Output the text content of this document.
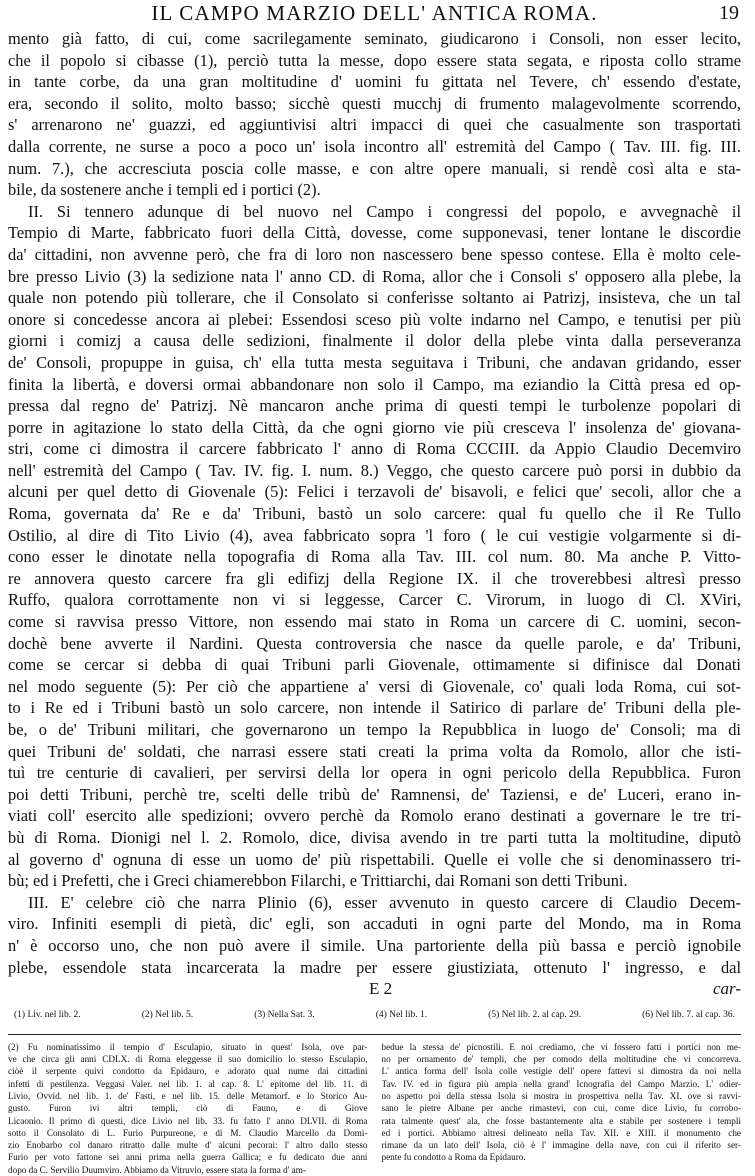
IL CAMPO MARZIO DELL' ANTICA ROMA.	19
mento già fatto, di cui, come sacrilegamente seminato, giudicarono i Consoli, non esser lecito,
che il popolo si cibasse (1), perciò tutta la messe, dopo essere stata segata, e riposta collo strame
in tante corbe, da una gran moltitudine d' uomini fu gittata nel Tevere, ch' essendo d'estate,
era, secondo il solito, molto basso; sicchè questi mucchj di frumento malagevolmente scorrendo,
s' arrenarono ne' guazzi, ed aggiuntivisi altri impacci di quei che casualmente son trasportati
dalla corrente, ne surse a poco a poco un' isola incontro all' estremità del Campo ( Tav. III. fig. III.
num. 7.), che accresciuta poscia colle masse, e con altre opere manuali, si rendè così alta e sta-
bile, da sostenere anche i templi ed i portici (2).
II. Si tennero adunque di bel nuovo nel Campo i congressi del popolo, e avvegnachè il
Tempio di Marte, fabbricato fuori della Città, dovesse, come supponevasi, tener lontane le discordie
da' cittadini, non avvenne però, che fra di loro non nascessero bene spesso contese. Ella è molto cele-
bre presso Livio (3) la sedizione nata l' anno CD. di Roma, allor che i Consoli s' opposero alla plebe, la
quale non potendo più tollerare, che il Consolato si conferisse soltanto ai Patrizj, insisteva, che un tal
onore si concedesse ancora ai plebei: Essendosi sceso più volte indarno nel Campo, e tenutisi per più
giorni i comizj a causa delle sedizioni, finalmente il dolor della plebe vinta dalla perseveranza
de' Consoli, propuppe in guisa, ch' ella tutta mesta seguitava i Tribuni, che andavan gridando, esser
finita la libertà, e doversi ormai abbandonare non solo il Campo, ma eziandio la Città presa ed op-
pressa dal regno de' Patrizj. Nè mancaron anche prima di questi tempi le turbolenze popolari di
porre in agitazione lo stato della Città, da che ogni giorno vie più cresceva l' insolenza de' giovana-
stri, come ci dimostra il carcere fabbricato l' anno di Roma CCCIII. da Appio Claudio Decemviro
nell' estremità del Campo ( Tav. IV. fig. I. num. 8.) Veggo, che questo carcere può porsi in dubbio da
alcuni per quel detto di Giovenale (5): Felici i terzavoli de' bisavoli, e felici que' secoli, allor che a
Roma, governata da' Re e da' Tribuni, bastò un solo carcere: qual fu quello che il Re Tullo
Ostilio, al dire di Tito Livio (4), avea fabbricato sopra 'l foro ( le cui vestigie volgarmente si di-
cono esser le dinotate nella topografia di Roma alla Tav. III. col num. 80. Ma anche P. Vitto-
re annovera questo carcere fra gli edifizj della Regione IX. il che troverebbesi altresì presso
Ruffo, qualora corrottamente non vi si leggesse, Carcer C. Virorum, in luogo di Cl. XViri,
come si ravvisa presso Vittore, non essendo mai stato in Roma un carcere di C. uomini, secon-
dochè bene avverte il Nardini. Questa controversia che nasce da quelle parole, e da' Tribuni,
come se cercar si debba di quai Tribuni parli Giovenale, ottimamente si difinisce dal Donati
nel modo seguente (5): Per ciò che appartiene a' versi di Giovenale, co' quali loda Roma, cui sot-
to i Re ed i Tribuni bastò un solo carcere, non intende il Satirico di parlare de' Tribuni della ple-
be, o de' Tribuni militari, che governarono un tempo la Repubblica in luogo de' Consoli; ma di
quei Tribuni de' soldati, che narrasi essere stati creati la prima volta da Romolo, allor che isti-
tuì tre centurie di cavalieri, per servirsi della lor opera in ogni pericolo della Repubblica. Furon
poi detti Tribuni, perchè tre, scelti delle tribù de' Ramnensi, de' Taziensi, e de' Luceri, erano in-
viati coll' esercito alle spedizioni; ovvero perchè da Romolo erano destinati a governare le tre tri-
bù di Roma. Dionigi nel l. 2. Romolo, dice, divisa avendo in tre parti tutta la moltitudine, diputò
al governo d' ognuna di esse un uomo de' più rispettabili. Quelle ei volle che si denominassero tri-
bù; ed i Prefetti, che i Greci chiamerebbon Filarchi, e Trittiarchi, dai Romani son detti Tribuni.
III. E' celebre ciò che narra Plinio (6), esser avvenuto in questo carcere di Claudio Decem-
viro. Infiniti esempli di pietà, dic' egli, son accaduti in ogni parte del Mondo, ma in Roma
n' è occorso uno, che non può avere il simile. Una partoriente della più bassa e perciò ignobile
plebe, essendole stata incarcerata la madre per essere giustiziata, ottenuto l' ingresso, e dal
E 2	car-
(1) Liv. nel lib. 2.	(2) Nel lib. 5.	(3) Nella Sat. 3.	(4) Nel lib. 1.	(5) Nel lib. 2. al cap. 29.	(6) Nel lib. 7. al cap. 36.
(2) Fu nominatissimo il tempio d' Esculapio, situato in quest' Isola, ove par-
ve che circa gli anni CDLX. di Roma eleggesse il suo domicilio lo stesso Esculapio,
ciòè il serpente quivi condotto da Epidauro, e adorato qual nume dai cittadini
infetti di pestilenza. Veggasi Valer. nel lib. 1. al cap. 8. L' epitome del lib. 11. di
Livio, Ovvid. nel lib. 1. de' Fasti, e nel lib. 15. delle Metamorf. e lo Storico Au-
gusto. Furon ivi altri templi, ciò di Fauno, e di Giove
Licaonio. Il primo di questi, dice Livio nel lib. 33. fu fatto l' anno DLVII. di Roma
sotto il Consolato di L. Furio Purpureone, e di M. Claudio Marcello da Domi-
zio Enobarbo col danaro ritratto dalle multe d' alcuni pecorai: l' altro dallo stesso
Furio per voto fattone sei anni prima nella guerra Gallica; e fu dedicato due anni
dopo da C. Servilio Duumviro. Abbiamo da Vitruvio, essere stata la forma d' am-
bedue la stessa de' picnostili. E noi crediamo, che vi fossero fatti i portici non me-
no per ornamento de' templi, che per comodo della moltitudine che vi concorreva.
L' antica forma dell' Isola colle vestigie dell' opere fattevi si dimostra da noi nella
Tav. IV. ed in figura più ampia nella grand' Icnografia del Campo Marzio. L' odier-
no aspetto poi della stessa Isola si mostra in prospettiva nella Tav. XI. ove si ravvi-
sano le pietre Albane per anche rimastevi, con cui, come dice Livio, fu corrobo-
rata talmente quest' ala, che fosse bastantemente alta e stabile per sostenere i templi
ed i portici. Abbiamo altresì delineato nella Tav. XII. e XIII. il monumento che
rimane da un lato dell' Isola, ciò è l' immagine della nave, con cui il riferito ser-
pente fu condotto a Roma da Epidauro.
